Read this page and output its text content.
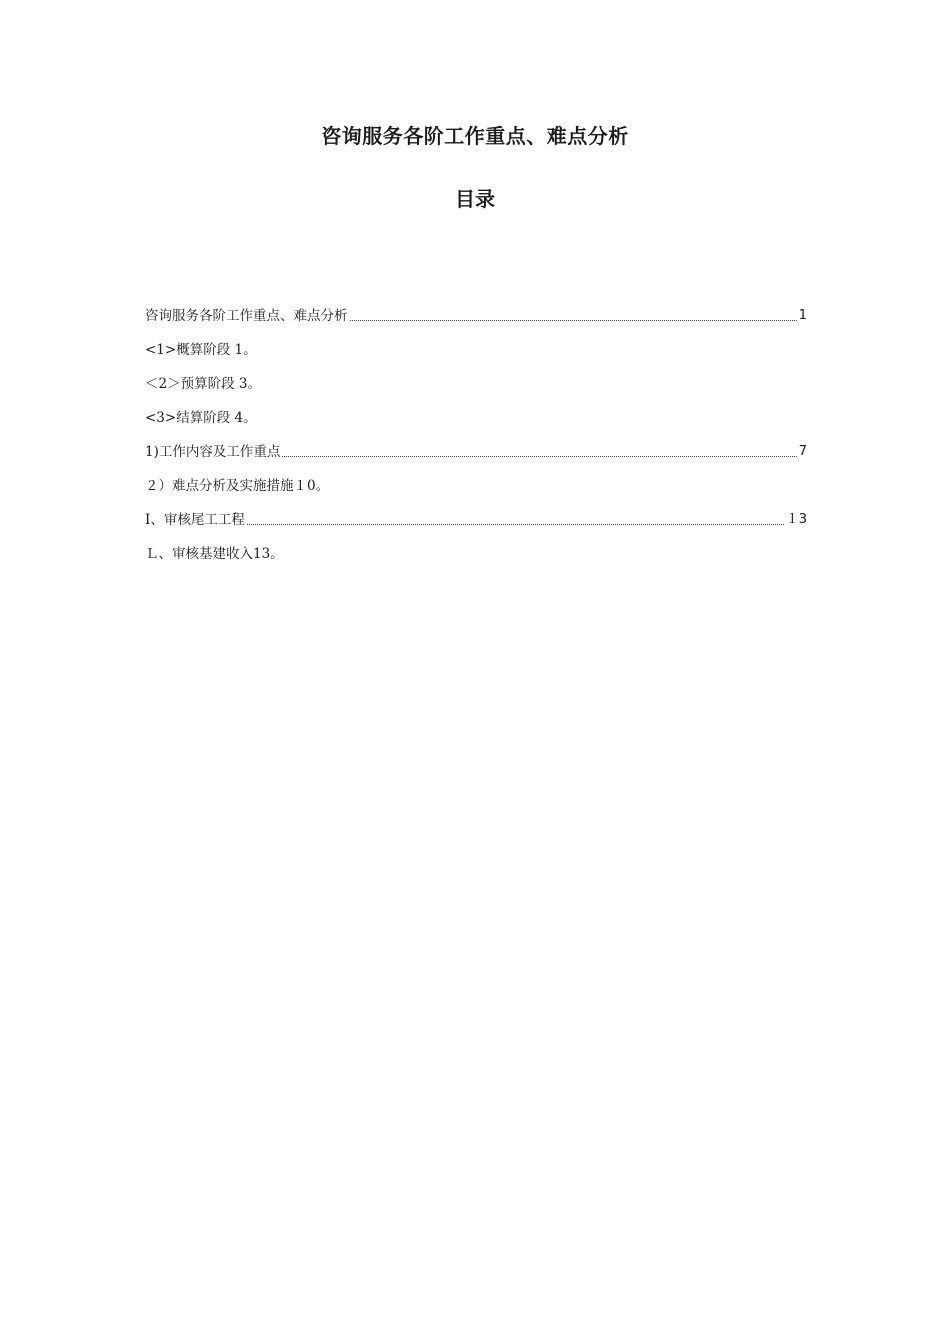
咨询服务各阶工作重点、难点分析
目录
咨询服务各阶工作重点、难点分析	1
<1>概算阶段 1。
＜2＞预算阶段 3。
<3>结算阶段 4。
1)工作内容及工作重点	7
２）难点分析及实施措施１0。
I、审核尾工工程	１3
Ｌ、审核基建收入13。
